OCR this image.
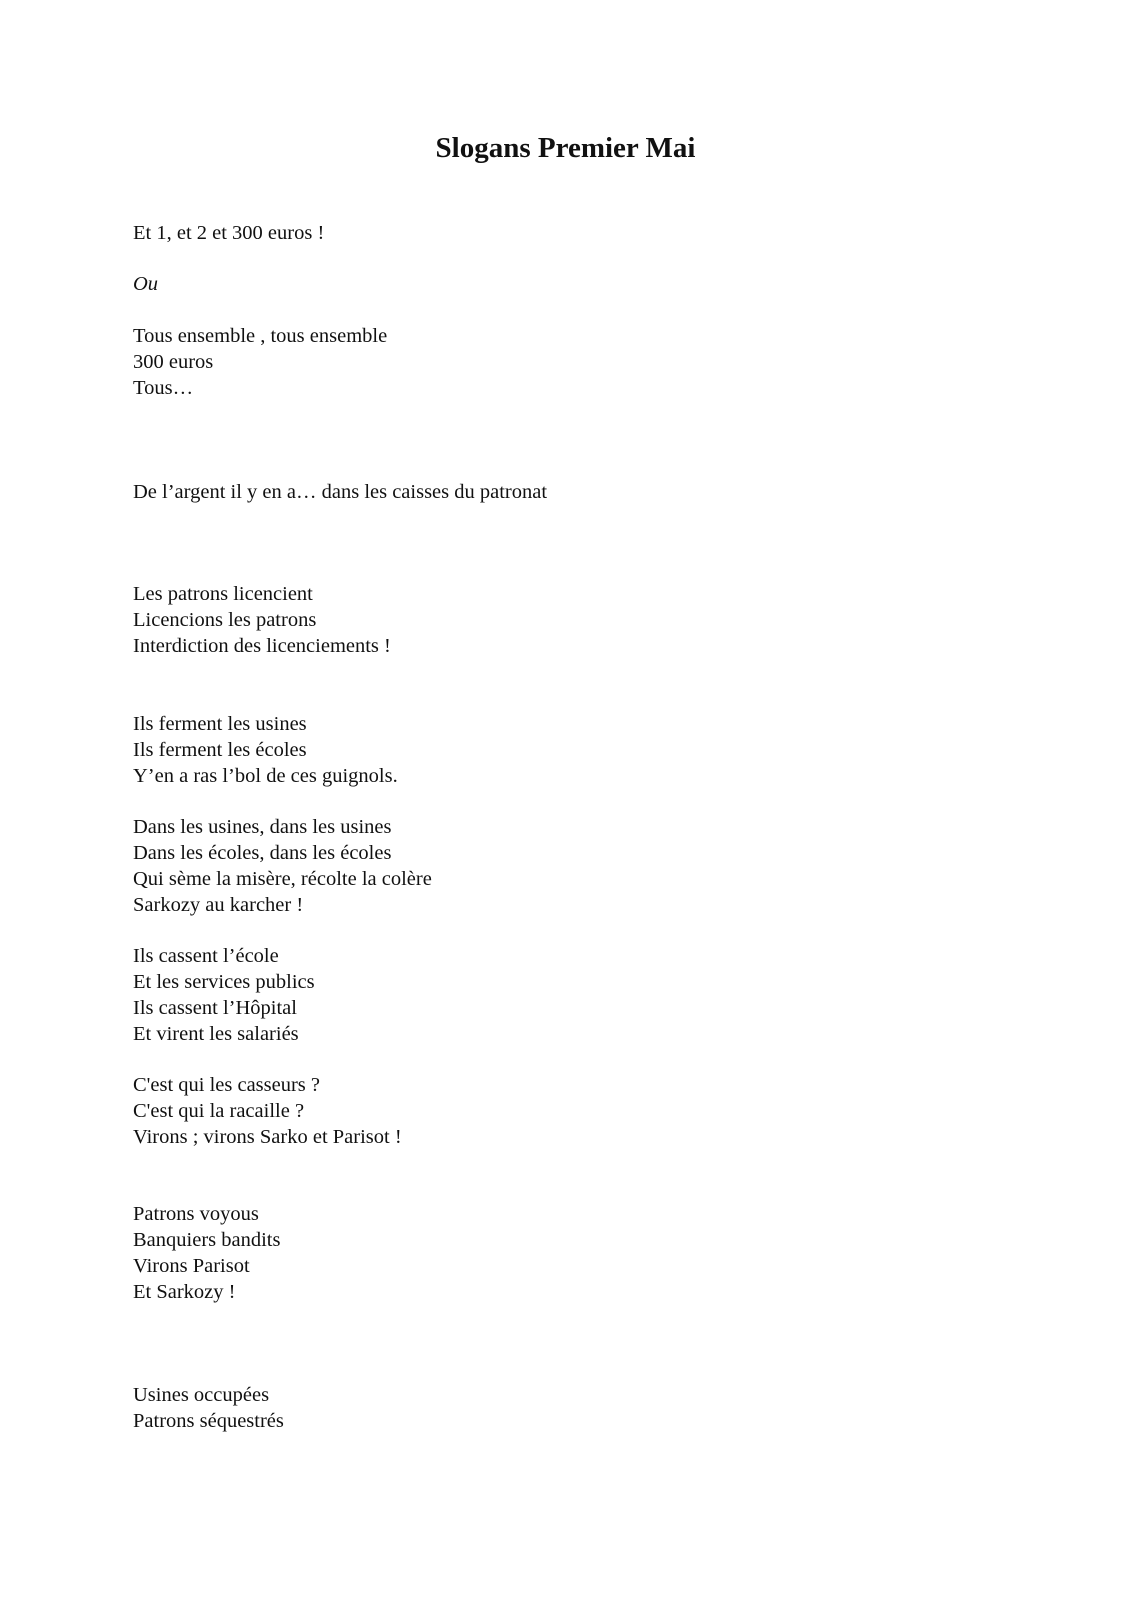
Slogans Premier Mai

Et 1, et 2 et 300 euros !

Ou

Tous ensemble , tous ensemble

300 euros

Tous…

De l’argent il y en a… dans les caisses du patronat

Les patrons licencient

Licencions les patrons

Interdiction des licenciements !

Ils ferment les usines

Ils ferment les écoles

Y’en a ras l’bol de ces guignols.

Dans les usines, dans les usines

Dans les écoles, dans les écoles

Qui sème la misère, récolte la colère

Sarkozy au karcher !

Ils cassent l’école

Et les services publics

Ils cassent l’Hôpital

Et virent les salariés

C'est qui les casseurs ?

C'est qui la racaille ?

Virons ; virons Sarko et Parisot !

Patrons voyous

Banquiers bandits

Virons Parisot

Et Sarkozy !

Usines occupées

Patrons séquestrés
